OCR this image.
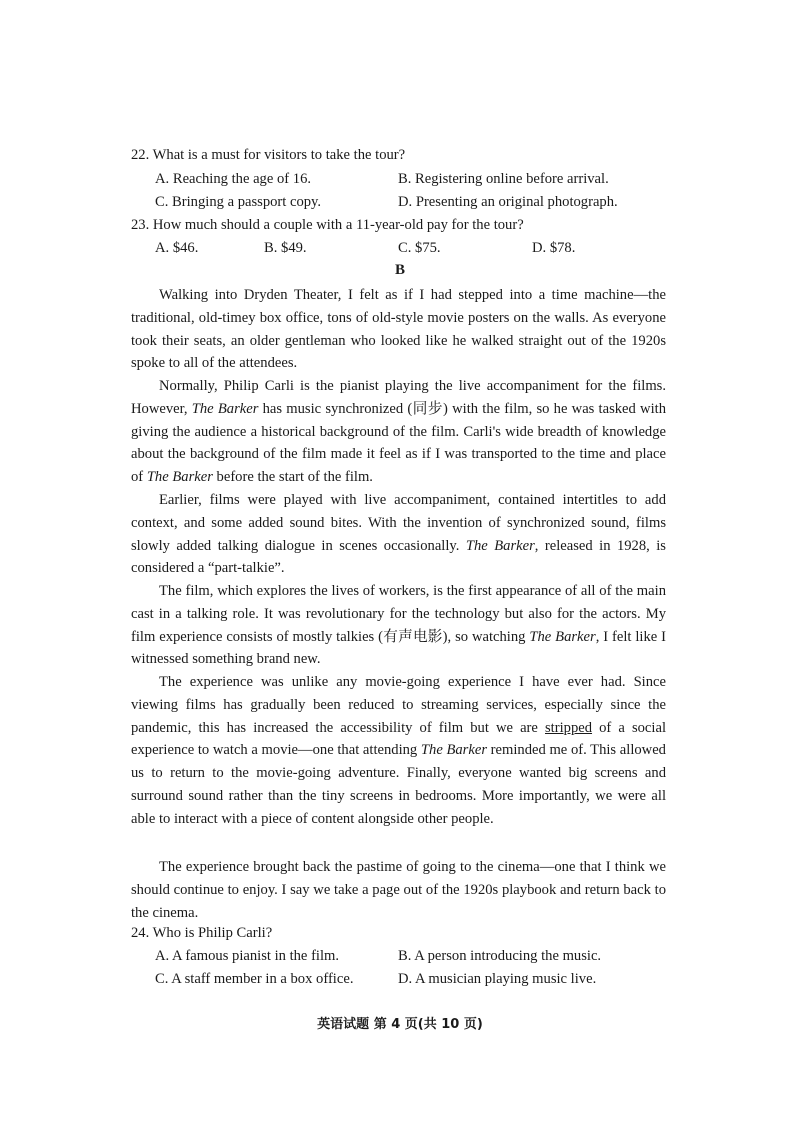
22. What is a must for visitors to take the tour?
A. Reaching the age of 16.	B. Registering online before arrival.
C. Bringing a passport copy.	D. Presenting an original photograph.
23. How much should a couple with a 11-year-old pay for the tour?
A. $46.	B. $49.	C. $75.	D. $78.
B

Walking into Dryden Theater, I felt as if I had stepped into a time machine—the traditional, old-timey box office, tons of old-style movie posters on the walls. As everyone took their seats, an older gentleman who looked like he walked straight out of the 1920s spoke to all of the attendees.

Normally, Philip Carli is the pianist playing the live accompaniment for the films. However, The Barker has music synchronized (同步) with the film, so he was tasked with giving the audience a historical background of the film. Carli's wide breadth of knowledge about the background of the film made it feel as if I was transported to the time and place of The Barker before the start of the film.

Earlier, films were played with live accompaniment, contained intertitles to add context, and some added sound bites. With the invention of synchronized sound, films slowly added talking dialogue in scenes occasionally. The Barker, released in 1928, is considered a “part-talkie”.

The film, which explores the lives of workers, is the first appearance of all of the main cast in a talking role. It was revolutionary for the technology but also for the actors. My film experience consists of mostly talkies (有声电影), so watching The Barker, I felt like I witnessed something brand new.

The experience was unlike any movie-going experience I have ever had. Since viewing films has gradually been reduced to streaming services, especially since the pandemic, this has increased the accessibility of film but we are stripped of a social experience to watch a movie—one that attending The Barker reminded me of. This allowed us to return to the movie-going adventure. Finally, everyone wanted big screens and surround sound rather than the tiny screens in bedrooms. More importantly, we were all able to interact with a piece of content alongside other people.

The experience brought back the pastime of going to the cinema—one that I think we should continue to enjoy. I say we take a page out of the 1920s playbook and return back to the cinema.

24. Who is Philip Carli?
A. A famous pianist in the film.	B. A person introducing the music.
C. A staff member in a box office.	D. A musician playing music live.
英语试题 第 4 页(共 10 页)
